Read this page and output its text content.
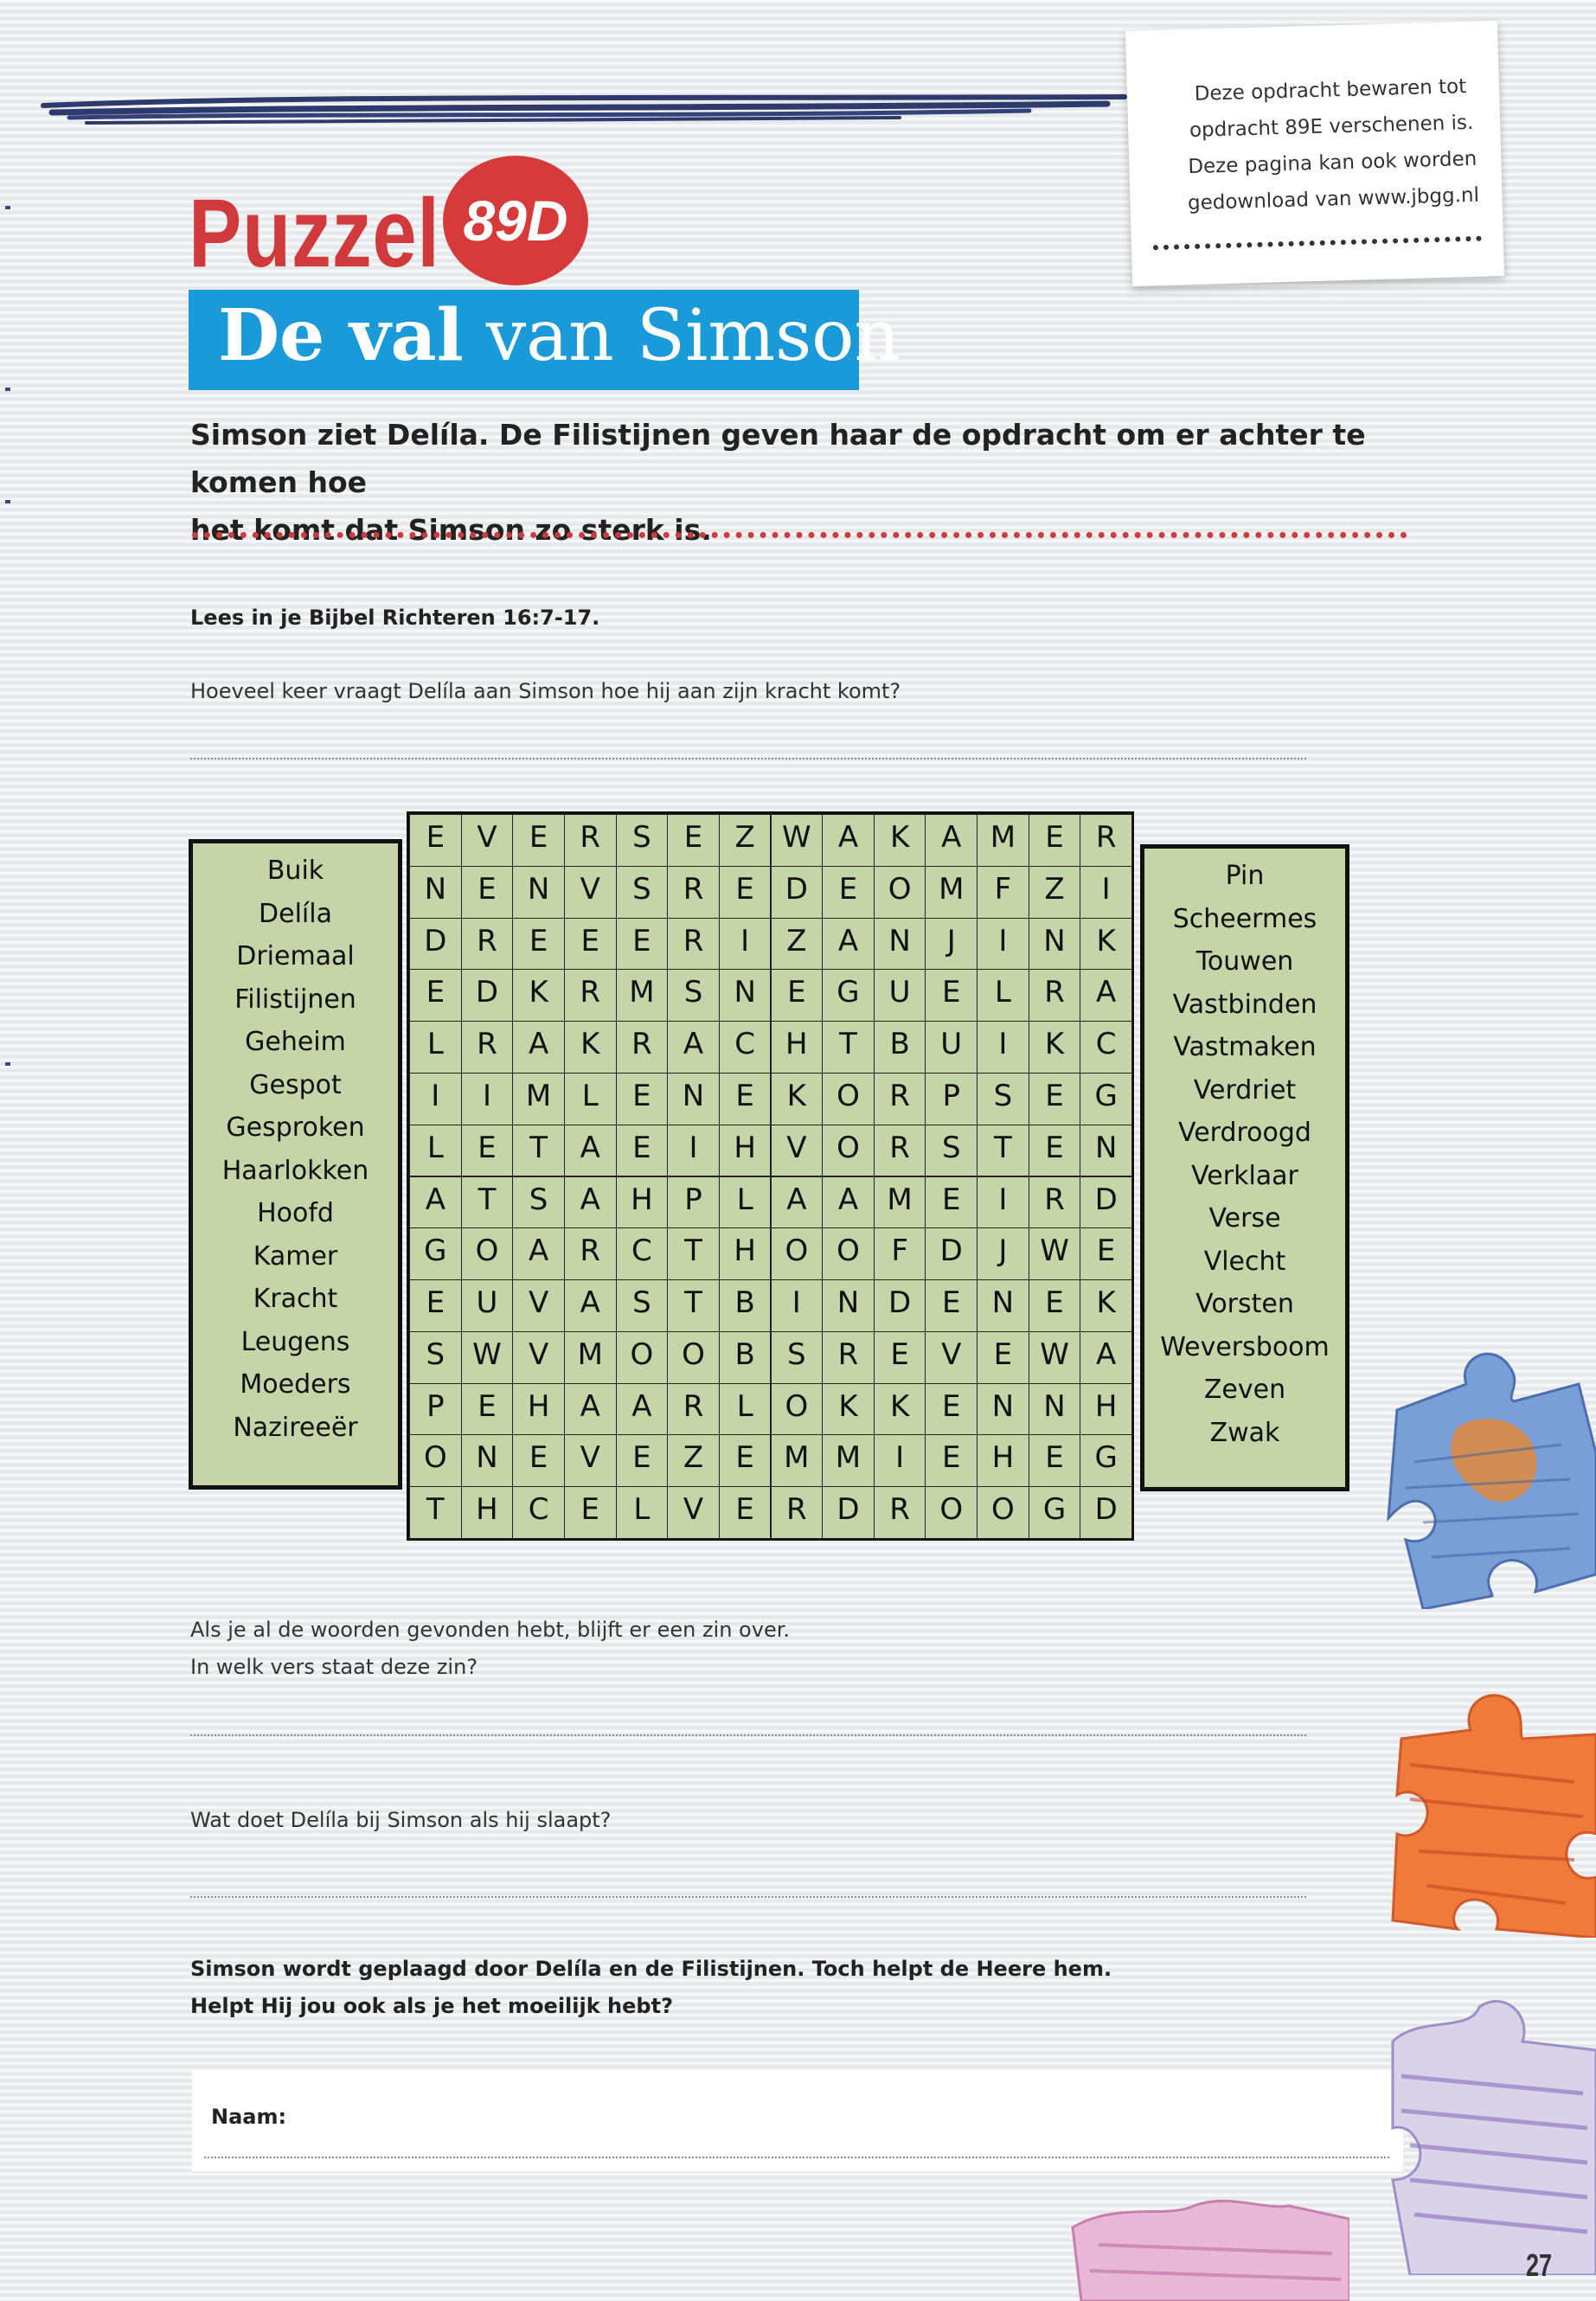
Deze opdracht bewaren tot
opdracht 89E verschenen is.
Deze pagina kan ook worden
gedownload van www.jbgg.nl
Puzzel 89D
De val van Simson
Simson ziet Delíla. De Filistijnen geven haar de opdracht om er achter te komen hoe
het komt dat Simson zo sterk is.
Lees in je Bijbel Richteren 16:7-17.
Hoeveel keer vraagt Delíla aan Simson hoe hij aan zijn kracht komt?
Buik
Delíla
Driemaal
Filistijnen
Geheim
Gespot
Gesproken
Haarlokken
Hoofd
Kamer
Kracht
Leugens
Moeders
Nazireeër
E	V	E	R	S	E	Z W A	K	A M	E	R
N	E	N	V	S	R	E	D	E	O M	F	Z	I
D	R	E	E	E	R	I	Z	A	N	J	I	N	K
E	D	K	R M	S	N	E	G	U	E	L	R	A
L	R	A	K	R	A	C	H	T	B	U	I	K	C
I	I	M	L	E	N	E	K	O	R	P	S	E	G
L	E	T	A	E	I	H	V	O	R	S	T	E	N
A	T	S	A	H	P	L	A	A M	E	I	R	D
G O	A	R	C	T	H O O	F	D	J	W E
E	U	V	A	S	T	B	I	N D	E	N	E	K
S W V M O O	B	S	R	E	V	E W A
P	E	H	A	A	R	L	O	K	K	E	N	N	H
O N	E	V	E	Z	E	M M	I	E	H	E	G
T	H	C	E	L	V	E	R	D	R	O O G D
Pin
Scheermes
Touwen
Vastbinden
Vastmaken
Verdriet
Verdroogd
Verklaar
Verse
Vlecht
Vorsten
Weversboom
Zeven
Zwak
Als je al de woorden gevonden hebt, blijft er een zin over.
In welk vers staat deze zin?
Wat doet Delíla bij Simson als hij slaapt?
Simson wordt geplaagd door Delíla en de Filistijnen. Toch helpt de Heere hem.
Helpt Hij jou ook als je het moeilijk hebt?
Naam:
27
